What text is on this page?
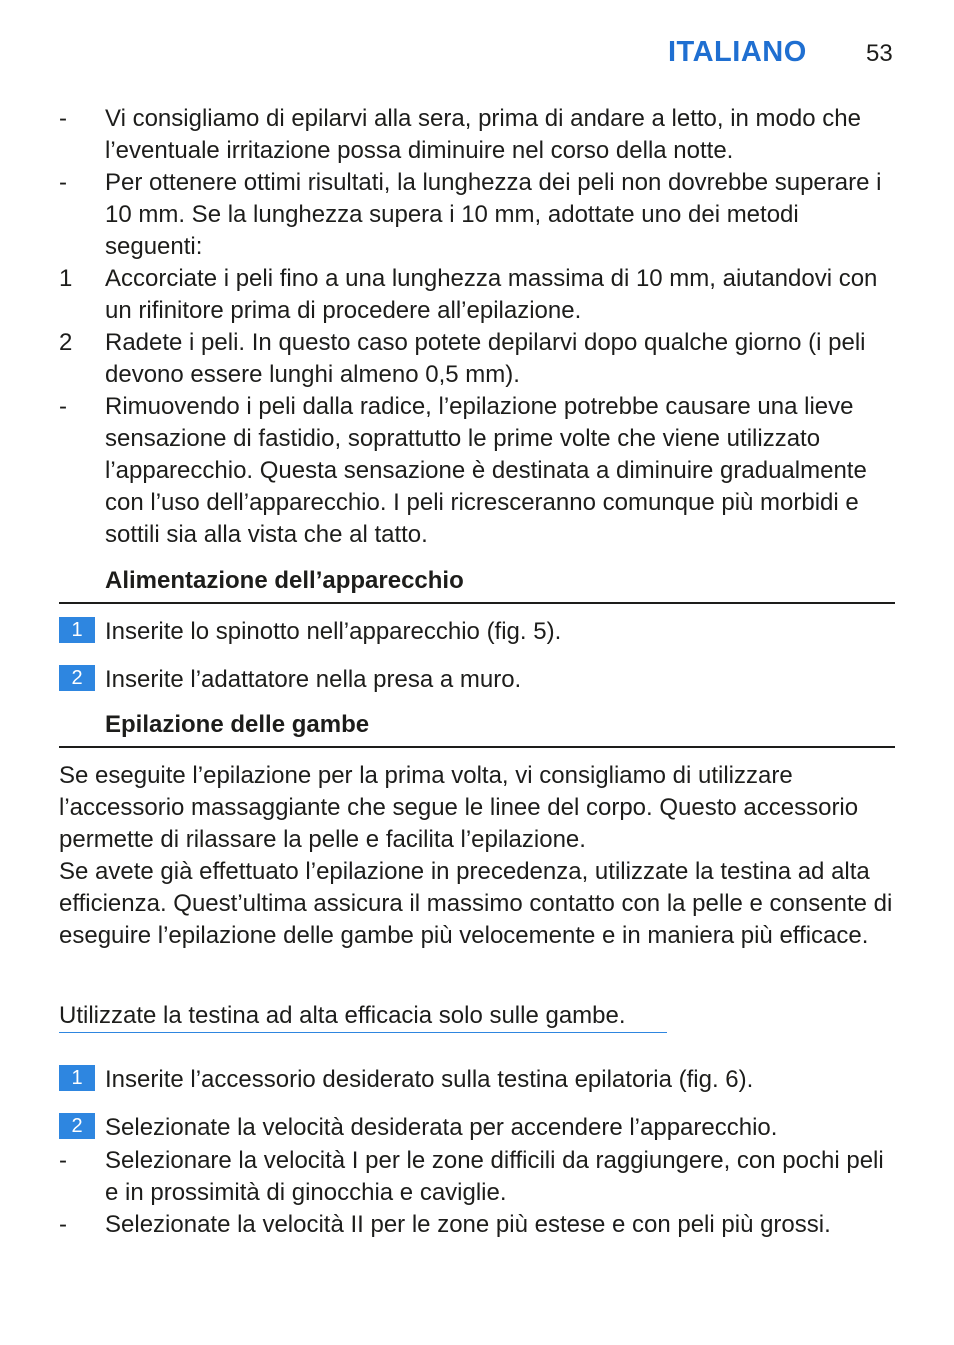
ITALIANO 53
- Vi consigliamo di epilarvi alla sera, prima di andare a letto, in modo che l’eventuale irritazione possa diminuire nel corso della notte.
- Per ottenere ottimi risultati, la lunghezza dei peli non dovrebbe superare i 10 mm. Se la lunghezza supera i 10 mm, adottate uno dei metodi seguenti:
1 Accorciate i peli fino a una lunghezza massima di 10 mm, aiutandovi con un rifinitore prima di procedere all’epilazione.
2 Radete i peli. In questo caso potete depilarvi dopo qualche giorno (i peli devono essere lunghi almeno 0,5 mm).
- Rimuovendo i peli dalla radice, l’epilazione potrebbe causare una lieve sensazione di fastidio, soprattutto le prime volte che viene utilizzato l’apparecchio. Questa sensazione è destinata a diminuire gradualmente con l’uso dell’apparecchio. I peli ricresceranno comunque più morbidi e sottili sia alla vista che al tatto.
Alimentazione dell’apparecchio
1 Inserite lo spinotto nell’apparecchio (fig. 5).
2 Inserite l’adattatore nella presa a muro.
Epilazione delle gambe
Se eseguite l’epilazione per la prima volta, vi consigliamo di utilizzare l’accessorio massaggiante che segue le linee del corpo. Questo accessorio permette di rilassare la pelle e facilita l’epilazione.
Se avete già effettuato l’epilazione in precedenza, utilizzate la testina ad alta efficienza. Quest’ultima assicura il massimo contatto con la pelle e consente di eseguire l’epilazione delle gambe più velocemente e in maniera più efficace.
Utilizzate la testina ad alta efficacia solo sulle gambe.
1 Inserite l’accessorio desiderato sulla testina epilatoria (fig. 6).
2 Selezionate la velocità desiderata per accendere l’apparecchio.
- Selezionare la velocità I per le zone difficili da raggiungere, con pochi peli e in prossimità di ginocchia e caviglie.
- Selezionate la velocità II per le zone più estese e con peli più grossi.
